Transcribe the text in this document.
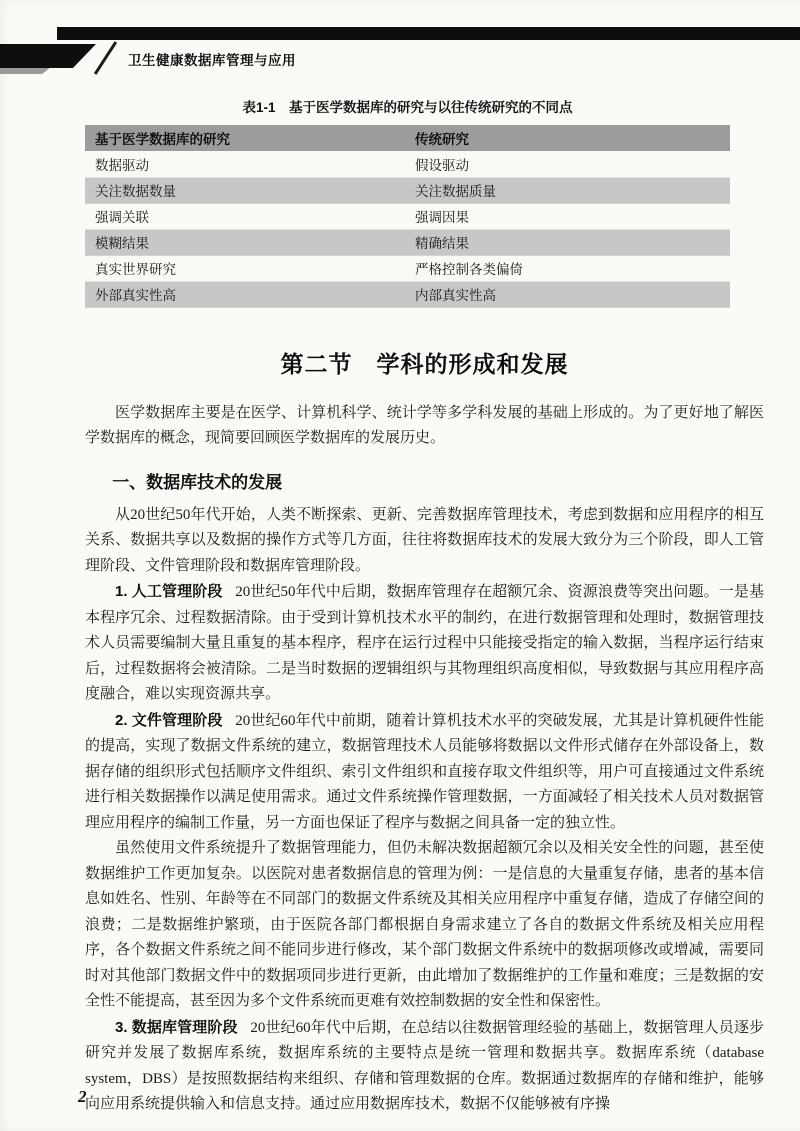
卫生健康数据库管理与应用
表1-1　基于医学数据库的研究与以往传统研究的不同点
基于医学数据库的研究	传统研究
数据驱动	假设驱动
关注数据数量	关注数据质量
强调关联	强调因果
模糊结果	精确结果
真实世界研究	严格控制各类偏倚
外部真实性高	内部真实性高
第二节　学科的形成和发展

医学数据库主要是在医学、计算机科学、统计学等多学科发展的基础上形成的。为了更好地了解医学数据库的概念，现简要回顾医学数据库的发展历史。

一、数据库技术的发展

从20世纪50年代开始，人类不断探索、更新、完善数据库管理技术，考虑到数据和应用程序的相互关系、数据共享以及数据的操作方式等几方面，往往将数据库技术的发展大致分为三个阶段，即人工管理阶段、文件管理阶段和数据库管理阶段。

1. 人工管理阶段 20世纪50年代中后期，数据库管理存在超额冗余、资源浪费等突出问题。一是基本程序冗余、过程数据清除。由于受到计算机技术水平的制约，在进行数据管理和处理时，数据管理技术人员需要编制大量且重复的基本程序，程序在运行过程中只能接受指定的输入数据，当程序运行结束后，过程数据将会被清除。二是当时数据的逻辑组织与其物理组织高度相似，导致数据与其应用程序高度融合，难以实现资源共享。

2. 文件管理阶段 20世纪60年代中前期，随着计算机技术水平的突破发展，尤其是计算机硬件性能的提高，实现了数据文件系统的建立，数据管理技术人员能够将数据以文件形式储存在外部设备上，数据存储的组织形式包括顺序文件组织、索引文件组织和直接存取文件组织等，用户可直接通过文件系统进行相关数据操作以满足使用需求。通过文件系统操作管理数据，一方面减轻了相关技术人员对数据管理应用程序的编制工作量，另一方面也保证了程序与数据之间具备一定的独立性。

虽然使用文件系统提升了数据管理能力，但仍未解决数据超额冗余以及相关安全性的问题，甚至使数据维护工作更加复杂。以医院对患者数据信息的管理为例：一是信息的大量重复存储，患者的基本信息如姓名、性别、年龄等在不同部门的数据文件系统及其相关应用程序中重复存储，造成了存储空间的浪费；二是数据维护繁琐，由于医院各部门都根据自身需求建立了各自的数据文件系统及相关应用程序，各个数据文件系统之间不能同步进行修改，某个部门数据文件系统中的数据项修改或增减，需要同时对其他部门数据文件中的数据项同步进行更新，由此增加了数据维护的工作量和难度；三是数据的安全性不能提高，甚至因为多个文件系统而更难有效控制数据的安全性和保密性。

3. 数据库管理阶段 20世纪60年代中后期，在总结以往数据管理经验的基础上，数据管理人员逐步研究并发展了数据库系统，数据库系统的主要特点是统一管理和数据共享。数据库系统（database system，DBS）是按照数据结构来组织、存储和管理数据的仓库。数据通过数据库的存储和维护，能够向应用系统提供输入和信息支持。通过应用数据库技术，数据不仅能够被有序操

2
